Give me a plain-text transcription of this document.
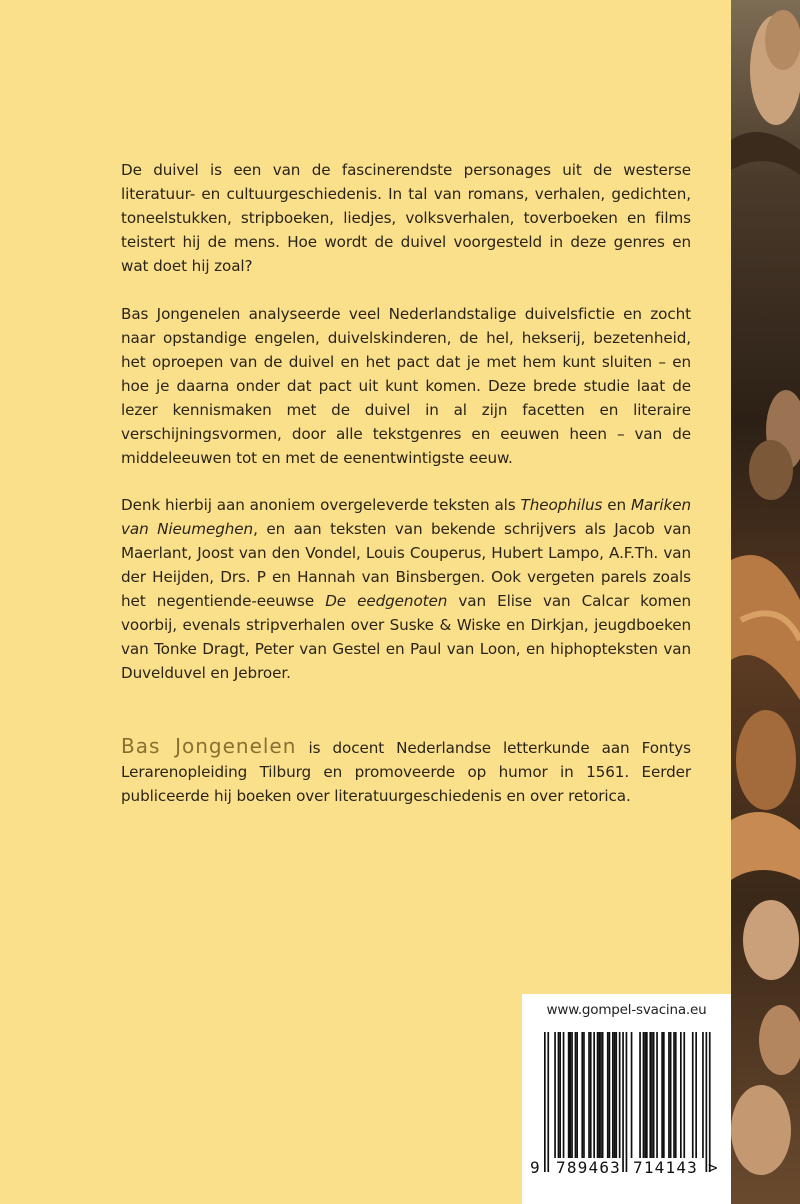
De duivel is een van de fascinerendste personages uit de westerse literatuur- en cultuurgeschiedenis. In tal van romans, verhalen, gedichten, toneelstukken, stripboeken, liedjes, volksverhalen, toverboeken en films teistert hij de mens. Hoe wordt de duivel voorgesteld in deze genres en wat doet hij zoal?

Bas Jongenelen analyseerde veel Nederlandstalige duivelsfictie en zocht naar opstandige engelen, duivelskinderen, de hel, hekserij, bezetenheid, het oproepen van de duivel en het pact dat je met hem kunt sluiten – en hoe je daarna onder dat pact uit kunt komen. Deze brede studie laat de lezer kennismaken met de duivel in al zijn facetten en literaire verschijningsvormen, door alle tekstgenres en eeuwen heen – van de middeleeuwen tot en met de eenentwintigste eeuw.

Denk hierbij aan anoniem overgeleverde teksten als Theophilus en Mariken van Nieumeghen, en aan teksten van bekende schrijvers als Jacob van Maerlant, Joost van den Vondel, Louis Couperus, Hubert Lampo, A.F.Th. van der Heijden, Drs. P en Hannah van Binsbergen. Ook vergeten parels zoals het negentiende-eeuwse De eedgenoten van Elise van Calcar komen voorbij, evenals stripverhalen over Suske & Wiske en Dirkjan, jeugdboeken van Tonke Dragt, Peter van Gestel en Paul van Loon, en hiphopteksten van Duvelduvel en Jebroer.

Bas Jongenelen is docent Nederlandse letterkunde aan Fontys Lerarenopleiding Tilburg en promoveerde op humor in 1561. Eerder publiceerde hij boeken over literatuurgeschiedenis en over retorica.

www.gompel-svacina.eu
9 789463 714143 >
